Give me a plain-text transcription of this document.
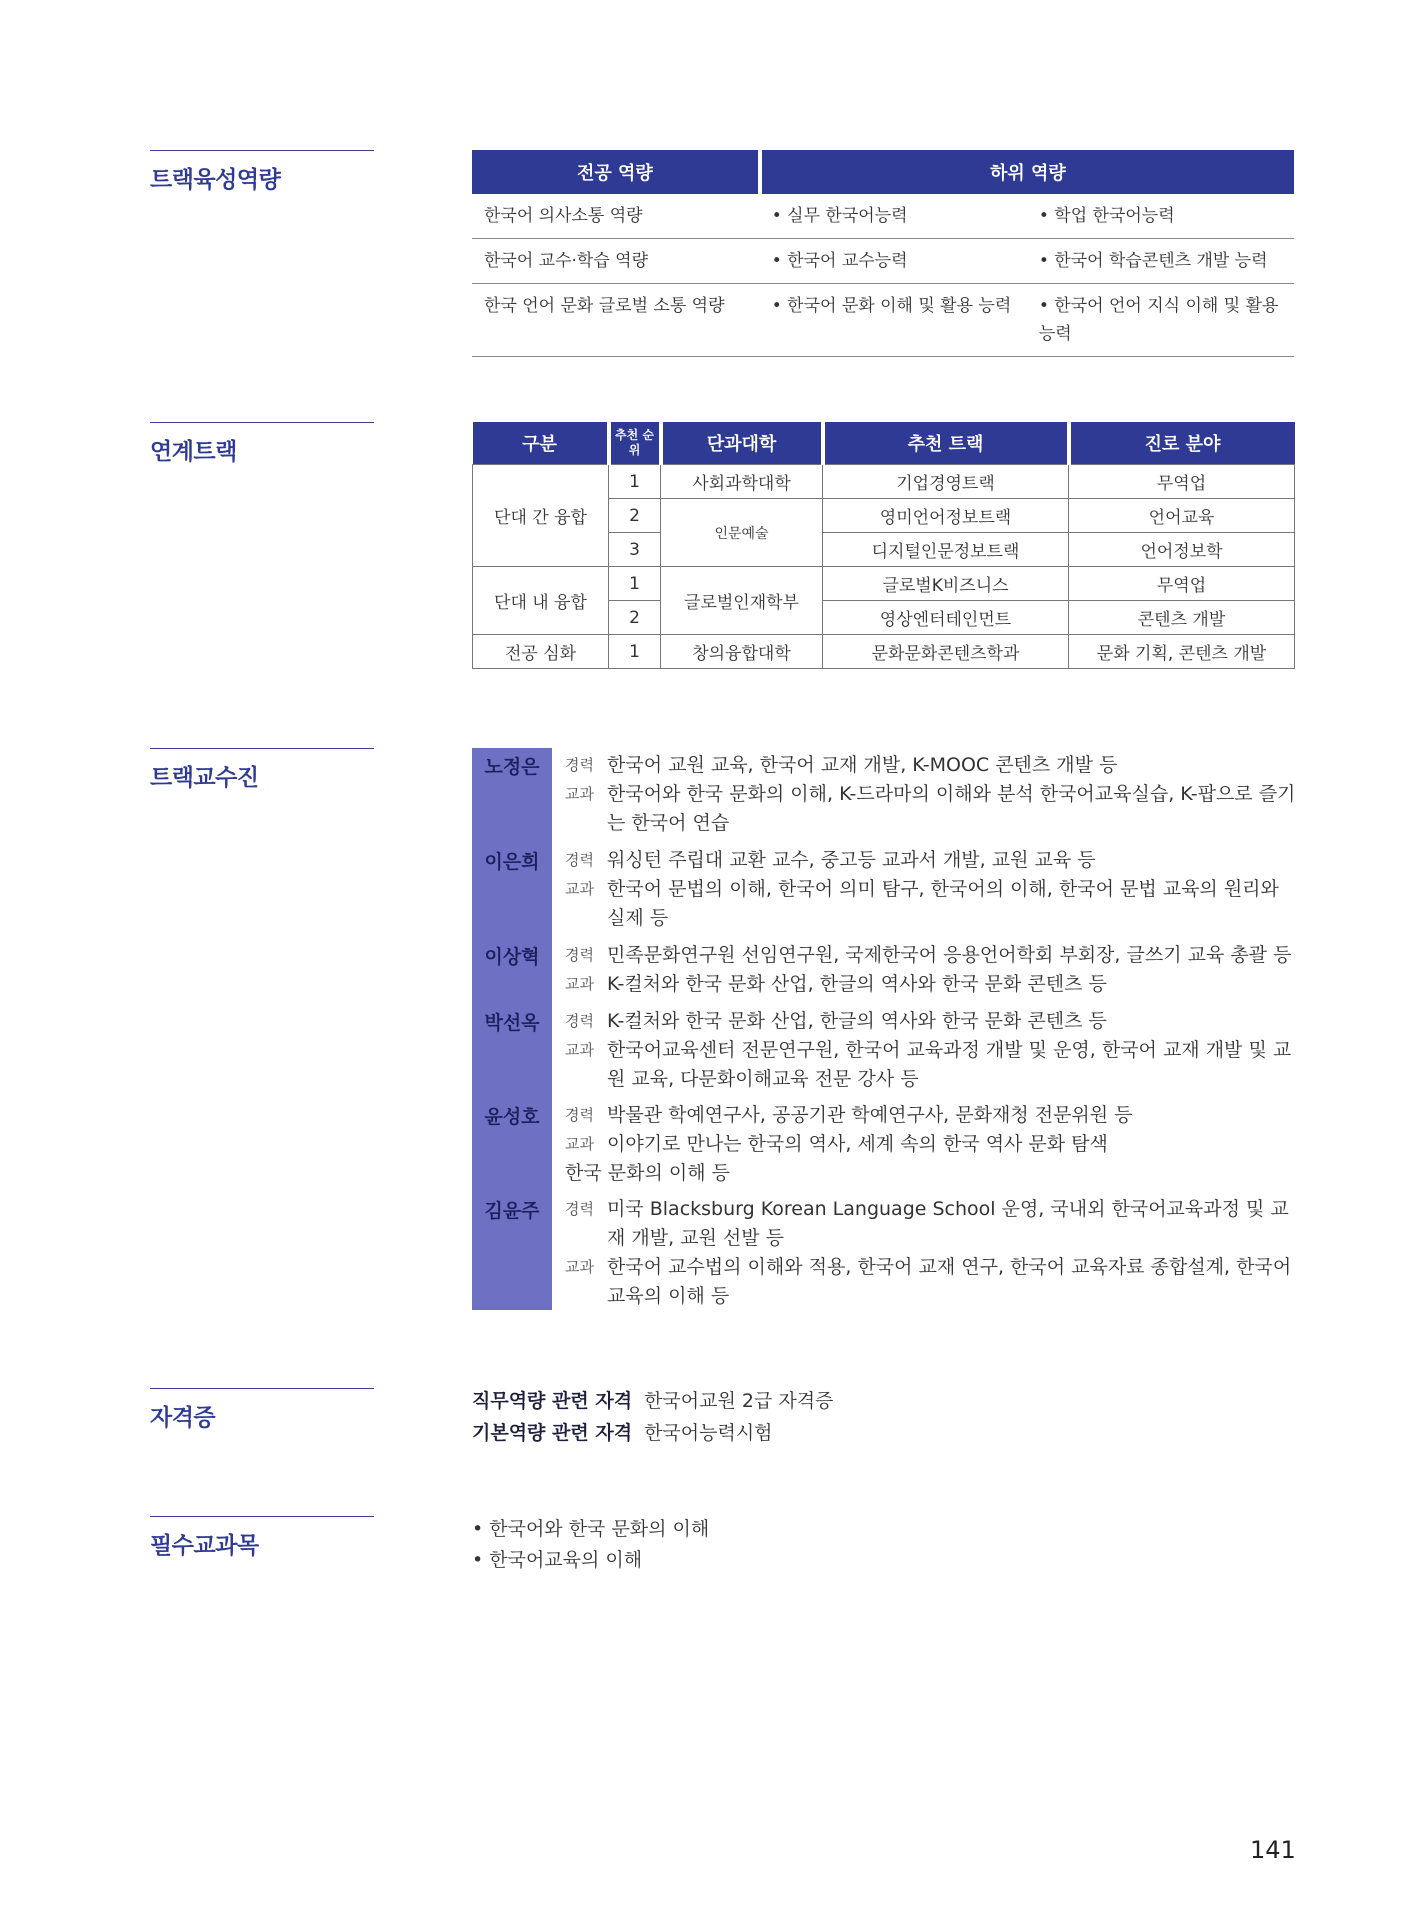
트랙육성역량
연계트랙
트랙교수진
자격증
필수교과목
전공 역량	하위 역량	
한국어 의사소통 역량	• 실무 한국어능력	• 학업 한국어능력
한국어 교수·학습 역량	• 한국어 교수능력	• 한국어 학습콘텐츠 개발 능력
한국 언어 문화 글로벌 소통 역량	• 한국어 문화 이해 및 활용 능력	• 한국어 언어 지식 이해 및 활용 능력
구분	추천 순위	단과대학	추천 트랙	진로 분야
단대 간 융합	1	사회과학대학	기업경영트랙	무역업
	2	인문예술	영미언어정보트랙	언어교육
	3		디지털인문정보트랙	언어정보학
단대 내 융합	1	글로벌인재학부	글로벌K비즈니스	무역업
	2		영상엔터테인먼트	콘텐츠 개발
전공 심화	1	창의융합대학	문화문화콘텐츠학과	문화 기획, 콘텐츠 개발
노정은	경력 한국어 교원 교육, 한국어 교재 개발, K-MOOC 콘텐츠 개발 등
교과 한국어와 한국 문화의 이해, K-드라마의 이해와 분석 한국어교육실습, K-팝으로 즐기는 한국어 연습
이은희	경력 워싱턴 주립대 교환 교수, 중고등 교과서 개발, 교원 교육 등
교과 한국어 문법의 이해, 한국어 의미 탐구, 한국어의 이해, 한국어 문법 교육의 원리와 실제 등
이상혁	경력 민족문화연구원 선임연구원, 국제한국어 응용언어학회 부회장, 글쓰기 교육 총괄 등
교과 K-컬처와 한국 문화 산업, 한글의 역사와 한국 문화 콘텐츠 등
박선옥	경력 K-컬처와 한국 문화 산업, 한글의 역사와 한국 문화 콘텐츠 등
교과 한국어교육센터 전문연구원, 한국어 교육과정 개발 및 운영, 한국어 교재 개발 및 교원 교육, 다문화이해교육 전문 강사 등
윤성호	경력 박물관 학예연구사, 공공기관 학예연구사, 문화재청 전문위원 등
교과 이야기로 만나는 한국의 역사, 세계 속의 한국 역사 문화 탐색
한국 문화의 이해 등
김윤주	경력 미국 Blacksburg Korean Language School 운영, 국내외 한국어교육과정 및 교재 개발, 교원 선발 등
교과 한국어 교수법의 이해와 적용, 한국어 교재 연구, 한국어 교육자료 종합설계, 한국어 교육의 이해 등
직무역량 관련 자격 한국어교원 2급 자격증
기본역량 관련 자격 한국어능력시험
• 한국어와 한국 문화의 이해
• 한국어교육의 이해
141
